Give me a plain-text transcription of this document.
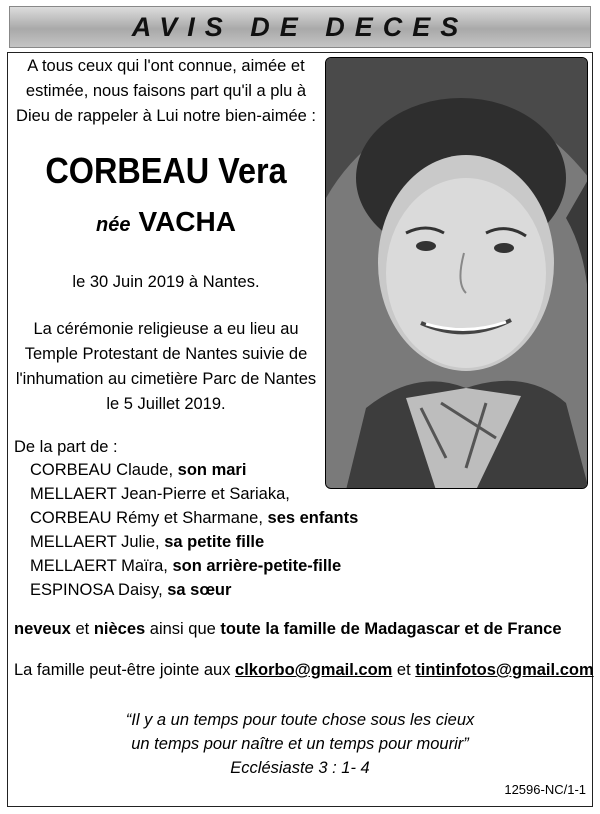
AVIS DE DECES
A tous ceux qui l'ont connue, aimée et
estimée, nous faisons part qu'il a plu à
Dieu de rappeler à Lui notre bien-aimée :
CORBEAU Vera
née VACHA
le 30 Juin 2019 à Nantes.
La cérémonie religieuse a eu lieu au
Temple Protestant de Nantes suivie de
l'inhumation au cimetière Parc de Nantes
le 5 Juillet 2019.
De la part de :
CORBEAU Claude, son mari
MELLAERT Jean-Pierre et Sariaka,
CORBEAU Rémy et Sharmane, ses enfants
MELLAERT Julie, sa petite fille
MELLAERT Maïra, son arrière-petite-fille
ESPINOSA Daisy, sa sœur
neveux et nièces ainsi que toute la famille de Madagascar et de France
La famille peut-être jointe aux clkorbo@gmail.com et tintinfotos@gmail.com
“Il y a un temps pour toute chose sous les cieux
un temps pour naître et un temps pour mourir”
Ecclésiaste 3 : 1- 4
12596-NC/1-1
